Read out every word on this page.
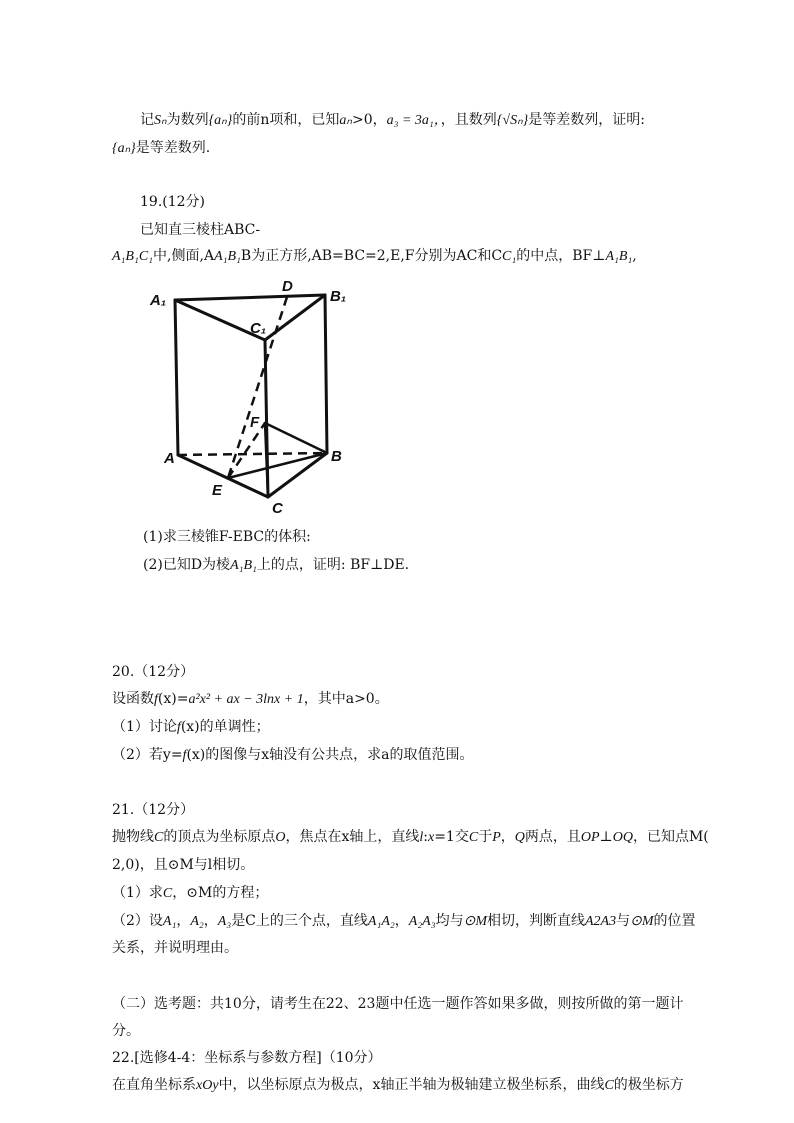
记Sₙ为数列{aₙ}的前n项和，已知aₙ>0，a₃ = 3a₁，，且数列{√Sₙ}是等差数列，证明:
{aₙ}是等差数列.
19.(12分)
已知直三棱柱ABC-
A₁B₁C₁中,侧面,AA₁B₁B为正方形,AB=BC=2,E,F分别为AC和CC₁的中点，BF⊥A₁B₁,
A₁	B₁
D
C₁
F
A	B
E
C
(1)求三棱锥F-EBC的体积:
(2)已知D为棱A₁B₁上的点，证明: BF⊥DE.
20.（12分）
设函数f(x)=a²x² + ax − 3lnx + 1，其中a>0。
（1）讨论f(x)的单调性；
（2）若y=f(x)的图像与x轴没有公共点，求a的取值范围。
21.（12分）
抛物线C的顶点为坐标原点O，焦点在x轴上，直线l:x=1交C于P，Q两点，且OP⊥OQ，已知点M(
2,0)，且⊙M与l相切。
（1）求C，⊙M的方程；
（2）设A₁，A₂，A₃是C上的三个点，直线A₁A₂，A₂A₃均与⊙M相切，判断直线A2A3与⊙M的位置
关系，并说明理由。
（二）选考题：共10分，请考生在22、23题中任选一题作答如果多做，则按所做的第一题计
分。
22.[选修4-4：坐标系与参数方程]（10分）
在直角坐标系xOy中，以坐标原点为极点，x轴正半轴为极轴建立极坐标系，曲线C的极坐标方
